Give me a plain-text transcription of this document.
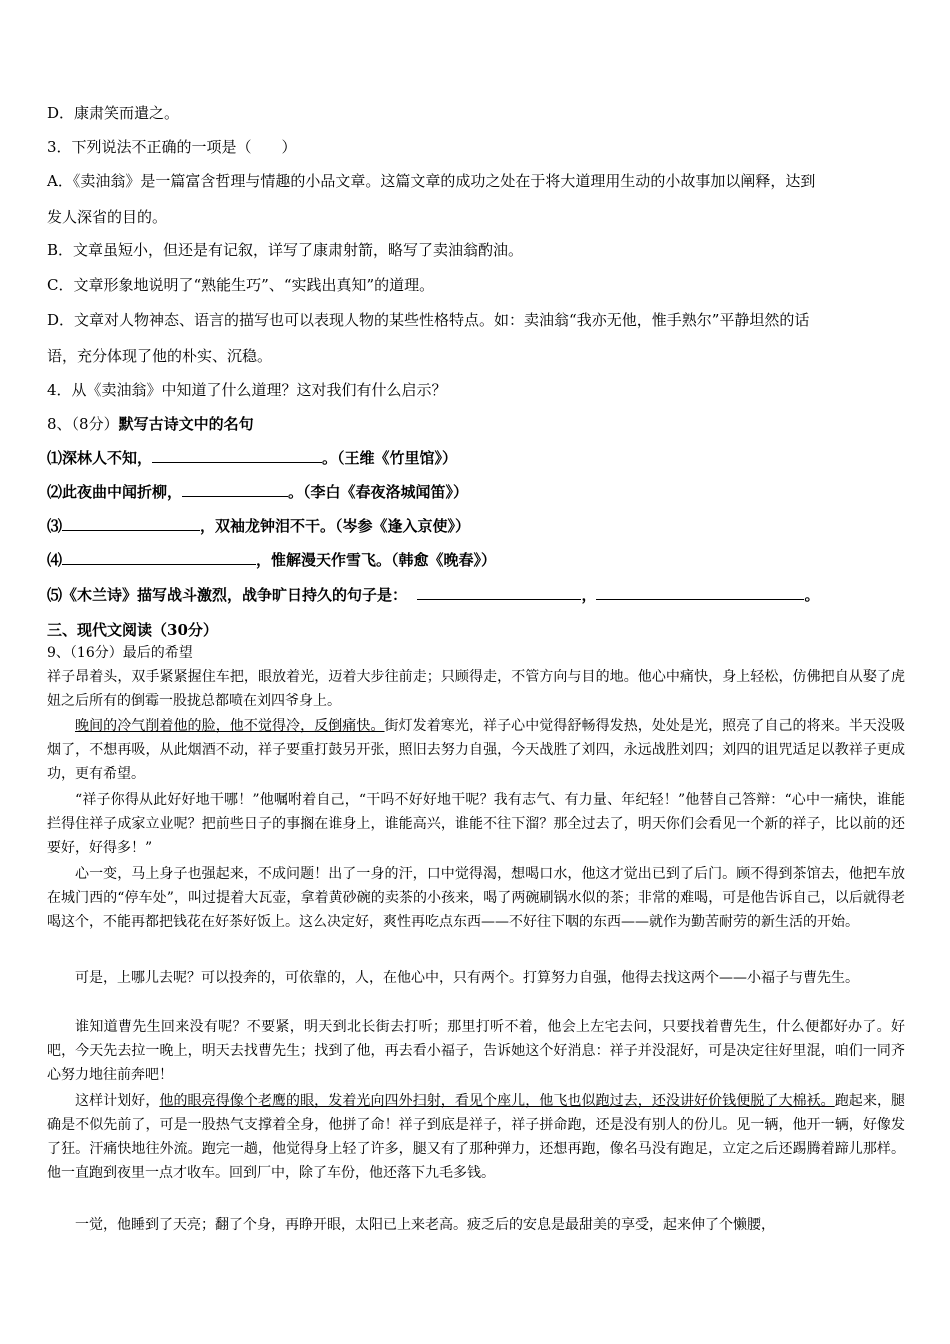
D．康肃笑而遣之。
3．下列说法不正确的一项是（　　）
A．《卖油翁》是一篇富含哲理与情趣的小品文章。这篇文章的成功之处在于将大道理用生动的小故事加以阐释，达到
发人深省的目的。
B．文章虽短小，但还是有记叙，详写了康肃射箭，略写了卖油翁酌油。
C．文章形象地说明了“熟能生巧”、“实践出真知”的道理。
D．文章对人物神态、语言的描写也可以表现人物的某些性格特点。如：卖油翁“我亦无他，惟手熟尔”平静坦然的话
语，充分体现了他的朴实、沉稳。
4．从《卖油翁》中知道了什么道理？这对我们有什么启示？
8、（8分）默写古诗文中的名句
⑴深林人不知，	。（王维《竹里馆》）
⑵此夜曲中闻折柳，	。（李白《春夜洛城闻笛》）
⑶	，双袖龙钟泪不干。（岑参《逢入京使》）
⑷	，惟解漫天作雪飞。（韩愈《晚春》）
⑸《木兰诗》描写战斗激烈，战争旷日持久的句子是：	，	。
三、现代文阅读（30分）
9、（16分）最后的希望
祥子昂着头，双手紧紧握住车把，眼放着光，迈着大步往前走；只顾得走，不管方向与目的地。他心中痛快，身上轻松，仿佛把自从娶了虎妞之后所有的倒霉一股拢总都喷在刘四爷身上。
晚间的冷气削着他的脸，他不觉得冷，反倒痛快。街灯发着寒光，祥子心中觉得舒畅得发热，处处是光，照亮了自己的将来。半天没吸烟了，不想再吸，从此烟酒不动，祥子要重打鼓另开张，照旧去努力自强，今天战胜了刘四，永远战胜刘四；刘四的诅咒适足以教祥子更成功，更有希望。
“祥子你得从此好好地干哪！”他嘱咐着自己，“干吗不好好地干呢？我有志气、有力量、年纪轻！”他替自己答辩：“心中一痛快，谁能拦得住祥子成家立业呢？把前些日子的事搁在谁身上，谁能高兴，谁能不往下溜？那全过去了，明天你们会看见一个新的祥子，比以前的还要好，好得多！”
心一变，马上身子也强起来，不成问题！出了一身的汗，口中觉得渴，想喝口水，他这才觉出已到了后门。顾不得到茶馆去，他把车放在城门西的“停车处”，叫过提着大瓦壶，拿着黄砂碗的卖茶的小孩来，喝了两碗刷锅水似的茶；非常的难喝，可是他告诉自己，以后就得老喝这个，不能再都把钱花在好茶好饭上。这么决定好，爽性再吃点东西——不好往下咽的东西——就作为勤苦耐劳的新生活的开始。
可是，上哪儿去呢？可以投奔的，可依靠的，人，在他心中，只有两个。打算努力自强，他得去找这两个——小福子与曹先生。
谁知道曹先生回来没有呢？不要紧，明天到北长街去打听；那里打听不着，他会上左宅去问，只要找着曹先生，什么便都好办了。好吧，今天先去拉一晚上，明天去找曹先生；找到了他，再去看小福子，告诉她这个好消息：祥子并没混好，可是决定往好里混，咱们一同齐心努力地往前奔吧！
这样计划好，他的眼亮得像个老鹰的眼，发着光向四外扫射，看见个座儿，他飞也似跑过去，还没讲好价钱便脱了大棉袄。跑起来，腿确是不似先前了，可是一股热气支撑着全身，他拼了命！祥子到底是祥子，祥子拼命跑，还是没有别人的份儿。见一辆，他开一辆，好像发了狂。汗痛快地往外流。跑完一趟，他觉得身上轻了许多，腿又有了那种弹力，还想再跑，像名马没有跑足，立定之后还踢腾着蹄儿那样。他一直跑到夜里一点才收车。回到厂中，除了车份，他还落下九毛多钱。
一觉，他睡到了天亮；翻了个身，再睁开眼，太阳已上来老高。疲乏后的安息是最甜美的享受，起来伸了个懒腰，
